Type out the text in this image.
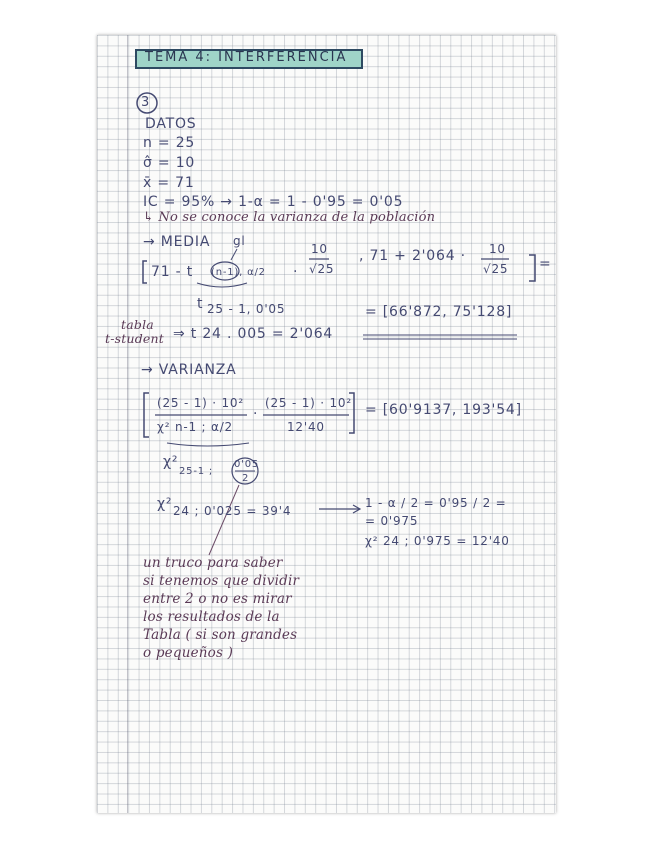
TEMA 4: INTERFERENCIA
3
DATOS
n = 25
σ̂ = 10
x̄ = 71
IC = 95% → 1-α = 1 - 0'95 = 0'05
↳ No se conoce la varianza de la población
→ MEDIA gl
71 - t (n-1), α/2 ·
10
√25
, 71 + 2'064 · 10
√25 =
t 25 - 1, 0'05
tabla
t-student ⇒ t 24 . 005 = 2'064
= [66'872, 75'128]
→ VARIANZA
(25 - 1) · 10²
χ² n-1 ; α/2
·
(25 - 1) · 10²
12'40
= [60'9137, 193'54]
χ²
25-1 ;
0'05
2
χ² 24 ; 0'025 = 39'4
1 - α / 2 = 0'95 / 2 =
= 0'975
χ² 24 ; 0'975 = 12'40
un truco para saber
si tenemos que dividir
entre 2 o no es mirar
los resultados de la
Tabla ( si son grandes
o pequeños )
